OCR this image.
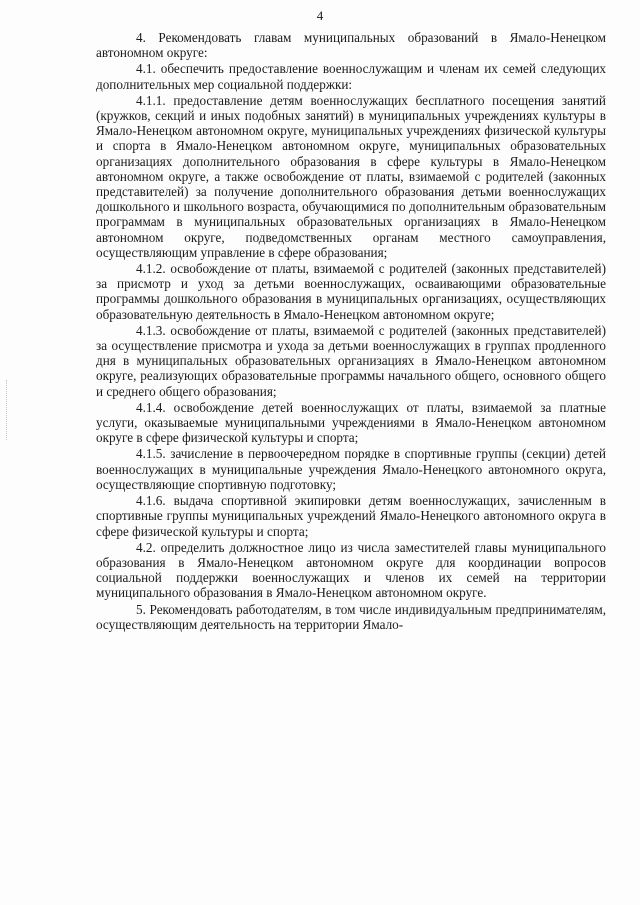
4

4. Рекомендовать главам муниципальных образований в Ямало-Ненецком автономном округе:

4.1. обеспечить предоставление военнослужащим и членам их семей следующих дополнительных мер социальной поддержки:

4.1.1. предоставление детям военнослужащих бесплатного посещения занятий (кружков, секций и иных подобных занятий) в муниципальных учреждениях культуры в Ямало-Ненецком автономном округе, муниципальных учреждениях физической культуры и спорта в Ямало-Ненецком автономном округе, муниципальных образовательных организациях дополнительного образования в сфере культуры в Ямало-Ненецком автономном округе, а также освобождение от платы, взимаемой с родителей (законных представителей) за получение дополнительного образования детьми военнослужащих дошкольного и школьного возраста, обучающимися по дополнительным образовательным программам в муниципальных образовательных организациях в Ямало-Ненецком автономном округе, подведомственных органам местного самоуправления, осуществляющим управление в сфере образования;

4.1.2. освобождение от платы, взимаемой с родителей (законных представителей) за присмотр и уход за детьми военнослужащих, осваивающими образовательные программы дошкольного образования в муниципальных организациях, осуществляющих образовательную деятельность в Ямало-Ненецком автономном округе;

4.1.3. освобождение от платы, взимаемой с родителей (законных представителей) за осуществление присмотра и ухода за детьми военнослужащих в группах продленного дня в муниципальных образовательных организациях в Ямало-Ненецком автономном округе, реализующих образовательные программы начального общего, основного общего и среднего общего образования;

4.1.4. освобождение детей военнослужащих от платы, взимаемой за платные услуги, оказываемые муниципальными учреждениями в Ямало-Ненецком автономном округе в сфере физической культуры и спорта;

4.1.5. зачисление в первоочередном порядке в спортивные группы (секции) детей военнослужащих в муниципальные учреждения Ямало-Ненецкого автономного округа, осуществляющие спортивную подготовку;

4.1.6. выдача спортивной экипировки детям военнослужащих, зачисленным в спортивные группы муниципальных учреждений Ямало-Ненецкого автономного округа в сфере физической культуры и спорта;

4.2. определить должностное лицо из числа заместителей главы муниципального образования в Ямало-Ненецком автономном округе для координации вопросов социальной поддержки военнослужащих и членов их семей на территории муниципального образования в Ямало-Ненецком автономном округе.

5. Рекомендовать работодателям, в том числе индивидуальным предпринимателям, осуществляющим деятельность на территории Ямало-
